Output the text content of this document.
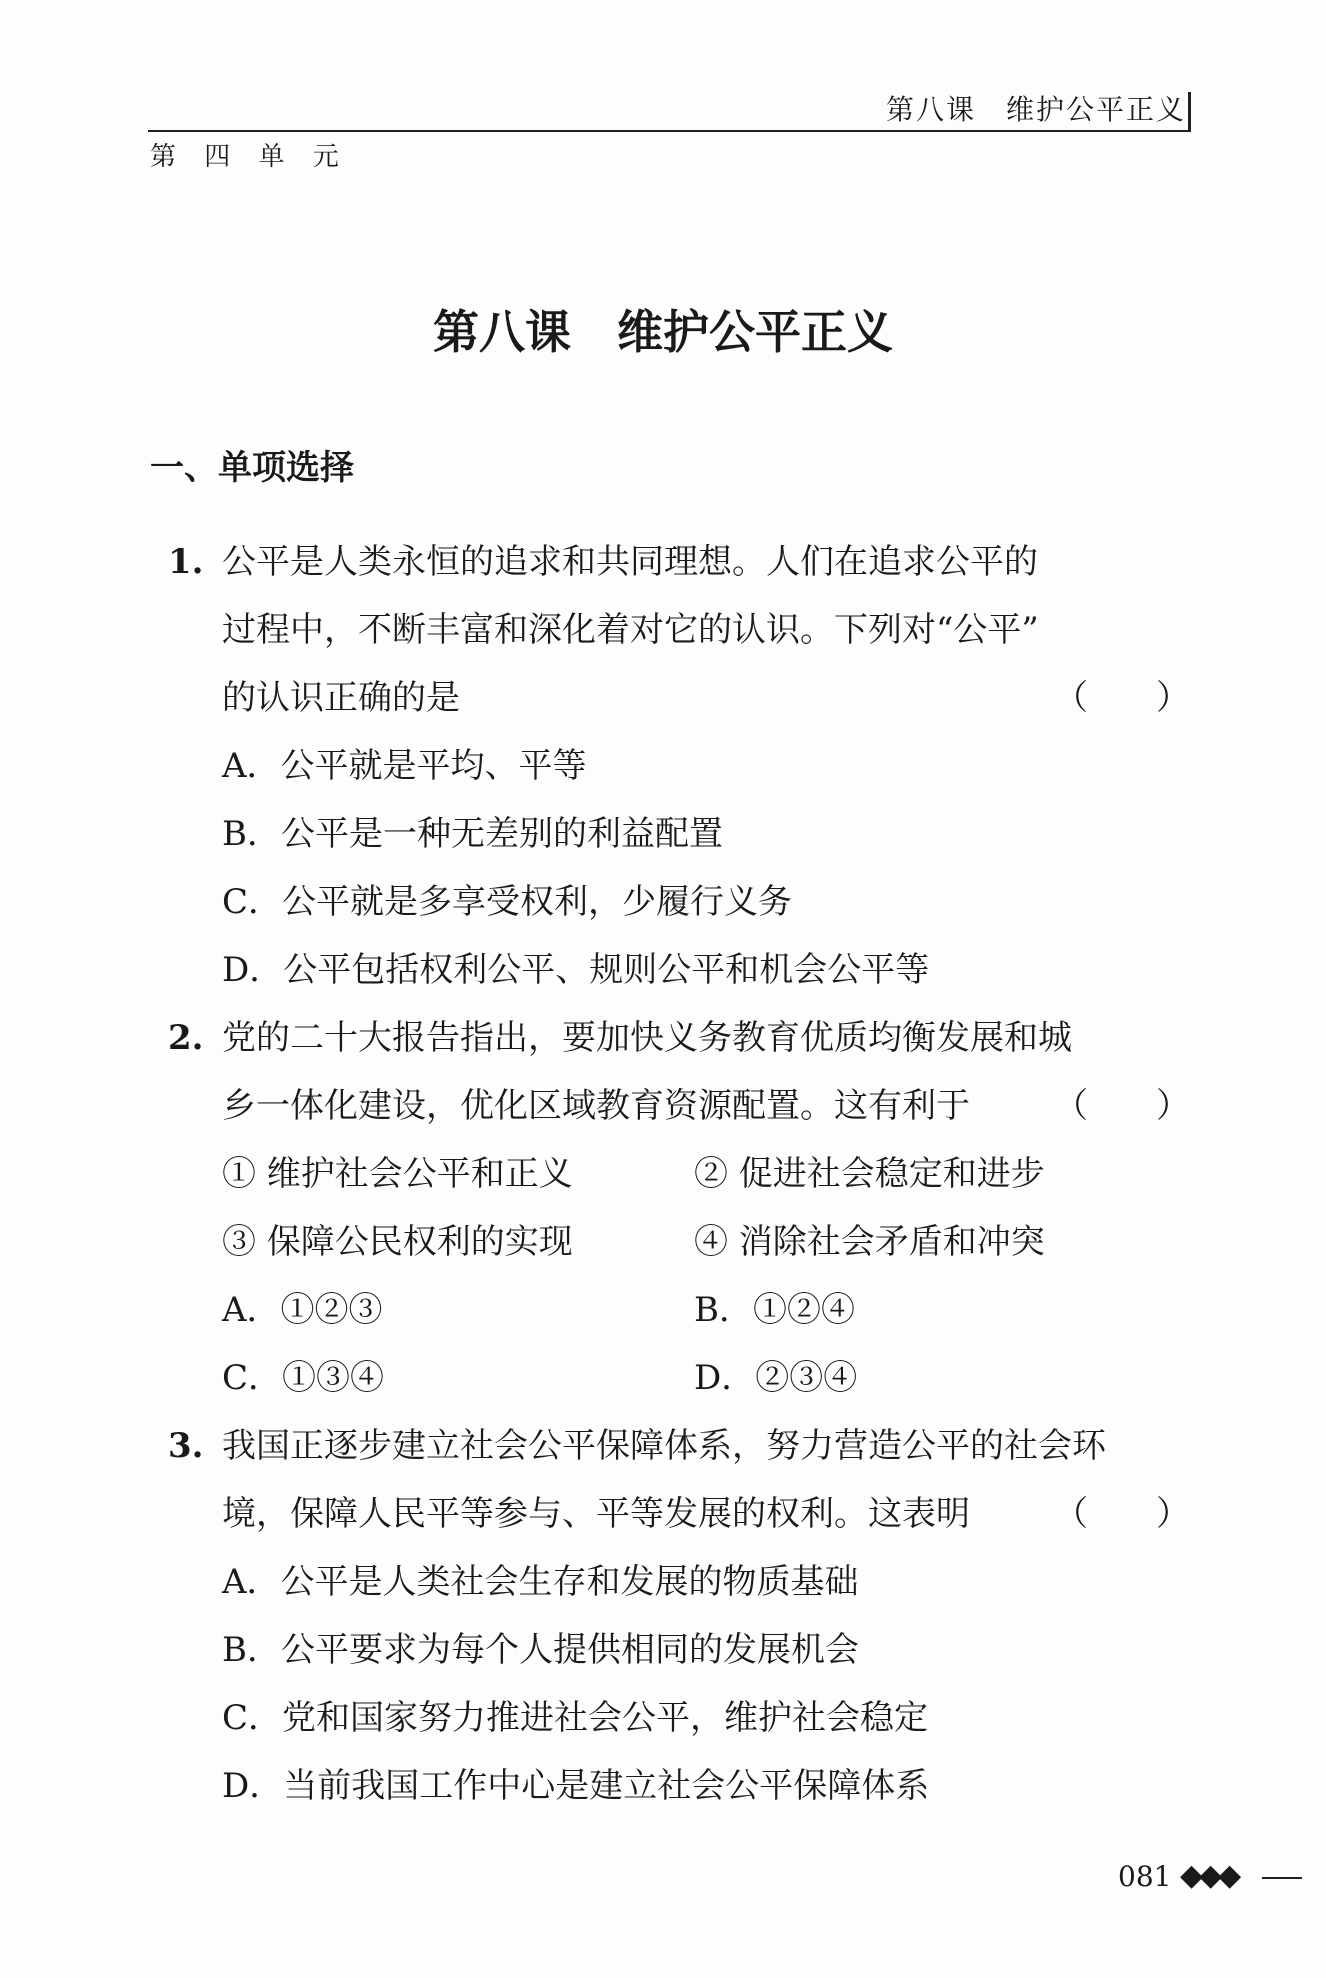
第八课　维护公平正义
第 四 单 元
第八课　维护公平正义
一、单项选择
1. 公平是人类永恒的追求和共同理想。人们在追求公平的
过程中，不断丰富和深化着对它的认识。下列对“公平”
的认识正确的是	（　　）
A．公平就是平均、平等
B．公平是一种无差别的利益配置
C．公平就是多享受权利，少履行义务
D．公平包括权利公平、规则公平和机会公平等
2. 党的二十大报告指出，要加快义务教育优质均衡发展和城
乡一体化建设，优化区域教育资源配置。这有利于 （　　）
① 维护社会公平和正义	② 促进社会稳定和进步
③ 保障公民权利的实现	④ 消除社会矛盾和冲突
A．①②③	B．①②④
C．①③④	D．②③④
3. 我国正逐步建立社会公平保障体系，努力营造公平的社会环
境，保障人民平等参与、平等发展的权利。这表明 （　　）
A．公平是人类社会生存和发展的物质基础
B．公平要求为每个人提供相同的发展机会
C．党和国家努力推进社会公平，维护社会稳定
D．当前我国工作中心是建立社会公平保障体系
081 ◆◆◆
